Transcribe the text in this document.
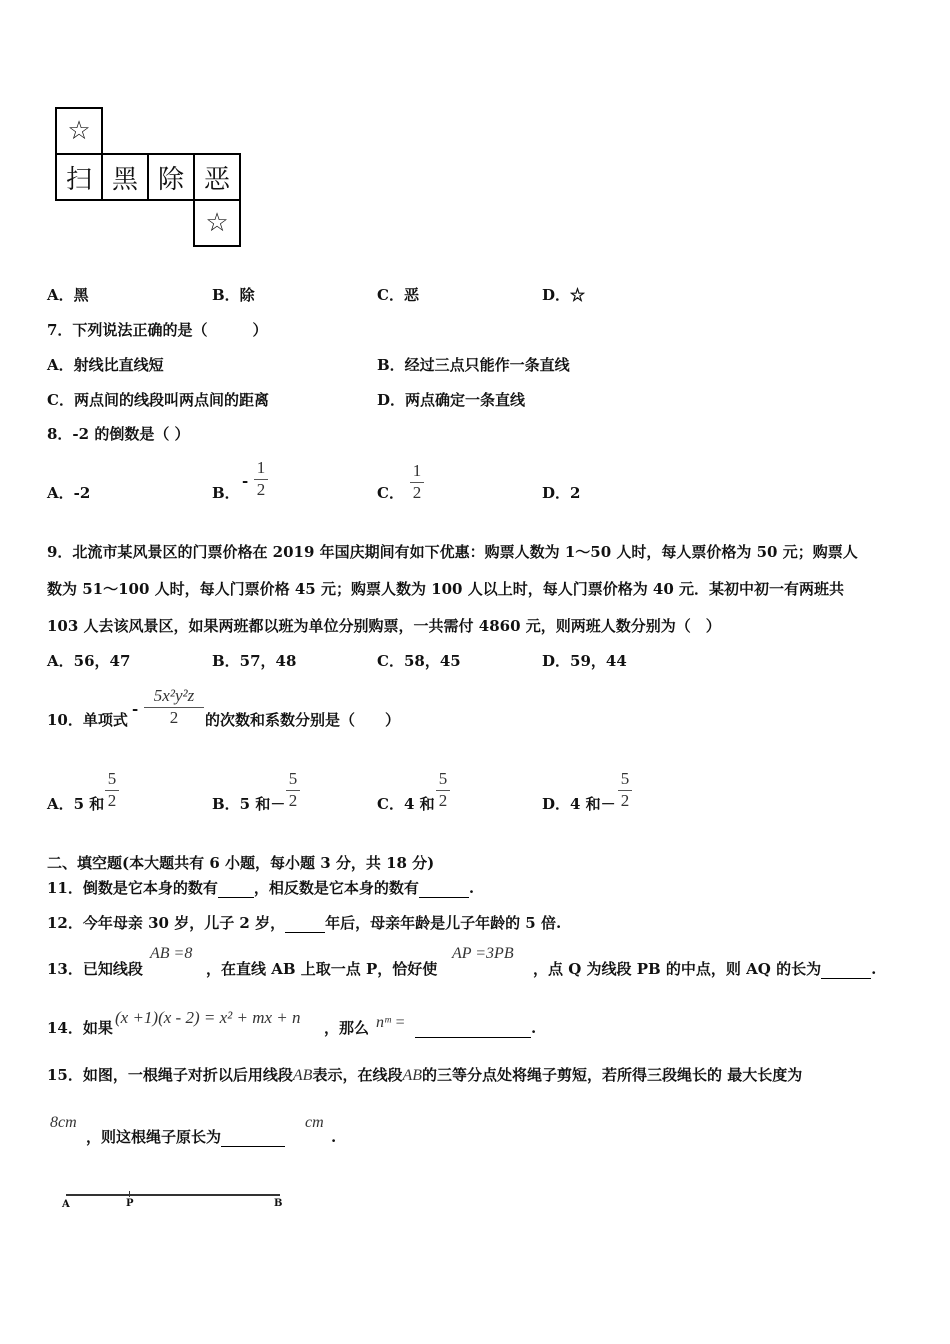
☆
扫 黑 除 恶
☆
A．黑	B．除	C．恶	D．☆
7．下列说法正确的是（　　　）
A．射线比直线短	B．经过三点只能作一条直线
C．两点间的线段叫两点间的距离	D．两点确定一条直线
8．-2 的倒数是（ ）
A．-2	B．
-
1
2	C．
1
2	D．2
9．北流市某风景区的门票价格在 2019 年国庆期间有如下优惠：购票人数为 1～50 人时，每人票价格为 50 元；购票人
数为 51～100 人时，每人门票价格 45 元；购票人数为 100 人以上时，每人门票价格为 40 元．某初中初一有两班共
103 人去该风景区，如果两班都以班为单位分别购票，一共需付 4860 元，则两班人数分别为（　）
A．56，47	B．57，48	C．58，45	D．59，44
10．单项式
-
5x²y²z
2 的次数和系数分别是（　　）
A．5 和
5
2	B．5 和－
5
2	C．4 和
5
2	D．4 和－
5
2
二、填空题(本大题共有 6 小题，每小题 3 分，共 18 分)
11．倒数是它本身的数有 ，相反数是它本身的数有	.
12．今年母亲 30 岁，儿子 2 岁，	年后，母亲年龄是儿子年龄的 5 倍.
13．已知线段
AB =8
，在直线 AB 上取一点 P，恰好使
AP =3PB
，点 Q 为线段 PB 的中点，则 AQ 的长为	.
14．如果
(x +1)(x - 2) = x² + mx + n
，那么 nᵐ =	.
15．如图，一根绳子对折以后用线段AB表示，在线段AB的三等分点处将绳子剪短，若所得三段绳长的 最大长度为
8cm
，则这根绳子原长为
cm
.
A	P	B
